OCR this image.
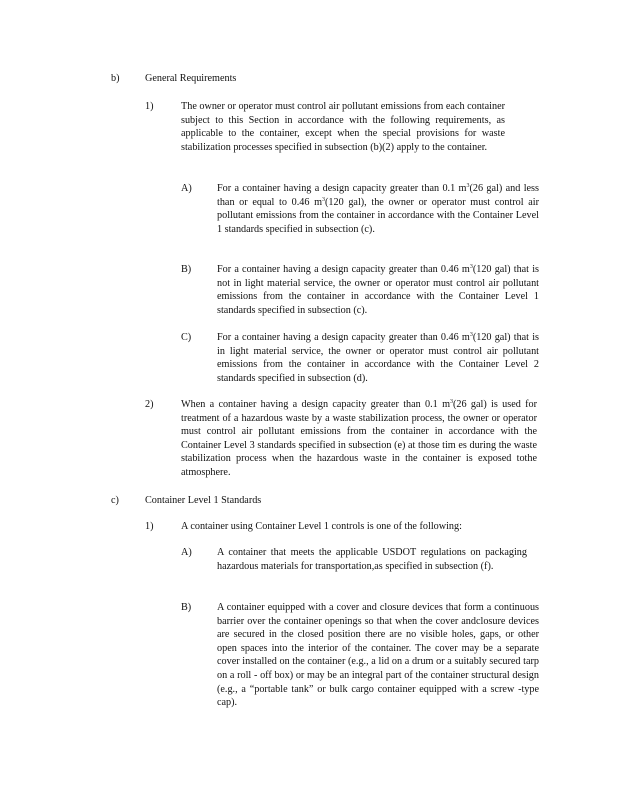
b)	General Requirements
1)	The owner or operator must control air pollutant emissions from each container subject to this Section in accordance with the following requirements, as applicable to the container, except when the special provisions for waste stabilization processes specified in subsection (b)(2) apply to the container.

A) For a container having a design capacity greater than 0.1 $m^3(26$ gal) and less than or equal to 0.46 $m^3(120$ gal), the owner or operator must control air pollutant emissions from the container in accordance with the Container Level 1 standards specified in subsection (c).

B)	For a container having a design capacity greater than 0.46 $m^3(120$ gal) that is not in light material service, the owner or operator must control air pollutant emissions from the container in accordance with the Container Level 1 standards specified in subsection (c).

C)	For a container having a design capacity greater than 0.46 $m^3(120$ gal) that is in light material service, the owner or operator must control air pollutant emissions from the container in accordance with the Container Level 2 standards specified in subsection (d).

2)	When a container having a design capacity greater than 0.1 $m^3(26$ gal) is used for treatment of a hazardous waste by a waste stabilization process, the owner or operator must control air pollutant emissions from the container in accordance with the Container Level 3 standards specified in subsection (e) at those tim es during the waste stabilization process when the hazardous waste in the container is exposed tothe atmosphere.

c)	Container Level 1 Standards
1)	A container using Container Level 1 controls is one of the following:

A) A container that meets the applicable USDOT regulations on packaging hazardous materials for transportation,as specified in subsection (f).

B)	A container equipped with a cover and closure devices that form a continuous barrier over the container openings so that when the cover andclosure devices are secured in the closed position there are no visible holes, gaps, or other open spaces into the interior of the container. The cover may be a separate cover installed on the container (e.g., a lid on a drum or a suitably secured tarp on a roll - off box) or may be an integral part of the container structural design (e.g., a “portable tank” or bulk cargo container equipped with a screw -type cap).
